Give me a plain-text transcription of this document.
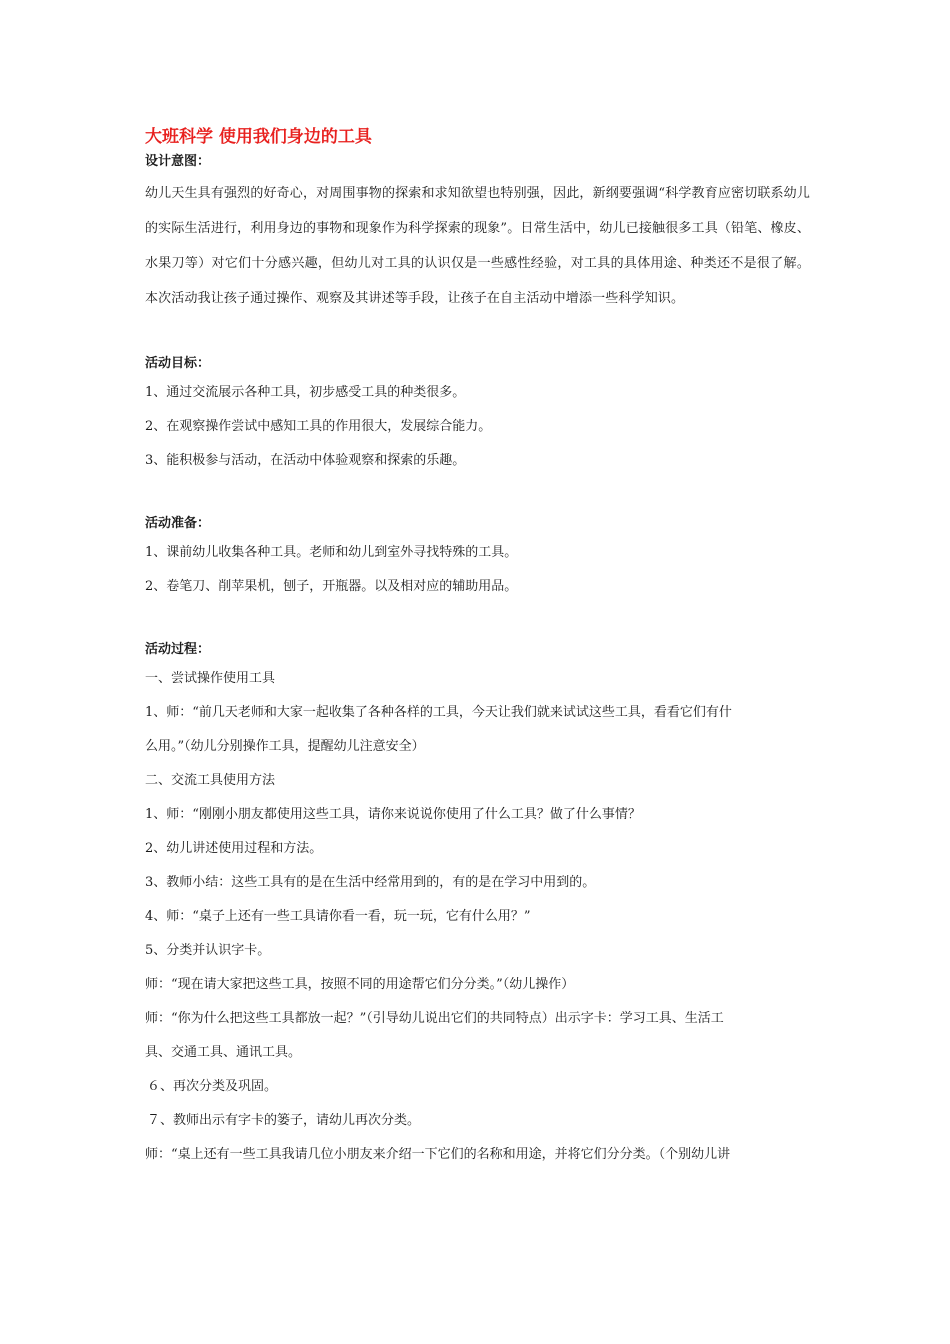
大班科学 使用我们身边的工具
设计意图：
幼儿天生具有强烈的好奇心，对周围事物的探索和求知欲望也特别强，因此，新纲要强调“科学教育应密切联系幼儿的实际生活进行，利用身边的事物和现象作为科学探索的现象”。日常生活中，幼儿已接触很多工具（铅笔、橡皮、水果刀等）对它们十分感兴趣，但幼儿对工具的认识仅是一些感性经验，对工具的具体用途、种类还不是很了解。本次活动我让孩子通过操作、观察及其讲述等手段，让孩子在自主活动中增添一些科学知识。
活动目标：
1、通过交流展示各种工具，初步感受工具的种类很多。
2、在观察操作尝试中感知工具的作用很大，发展综合能力。
3、能积极参与活动，在活动中体验观察和探索的乐趣。
活动准备：
1、课前幼儿收集各种工具。老师和幼儿到室外寻找特殊的工具。
2、卷笔刀、削苹果机，刨子，开瓶器。以及相对应的辅助用品。
活动过程：
一、尝试操作使用工具
1、师：“前几天老师和大家一起收集了各种各样的工具，今天让我们就来试试这些工具，看看它们有什
么用。”（幼儿分别操作工具，提醒幼儿注意安全）
二、交流工具使用方法
1、师：“刚刚小朋友都使用这些工具，请你来说说你使用了什么工具？做了什么事情？
2、幼儿讲述使用过程和方法。
3、教师小结：这些工具有的是在生活中经常用到的，有的是在学习中用到的。
4、师：“桌子上还有一些工具请你看一看，玩一玩，它有什么用？”
5、分类并认识字卡。
师：“现在请大家把这些工具，按照不同的用途帮它们分分类。”（幼儿操作）
师：“你为什么把这些工具都放一起？”（引导幼儿说出它们的共同特点）出示字卡：学习工具、生活工
具、交通工具、通讯工具。
６、再次分类及巩固。
７、教师出示有字卡的篓子，请幼儿再次分类。
师：“桌上还有一些工具我请几位小朋友来介绍一下它们的名称和用途，并将它们分分类。（个别幼儿讲
